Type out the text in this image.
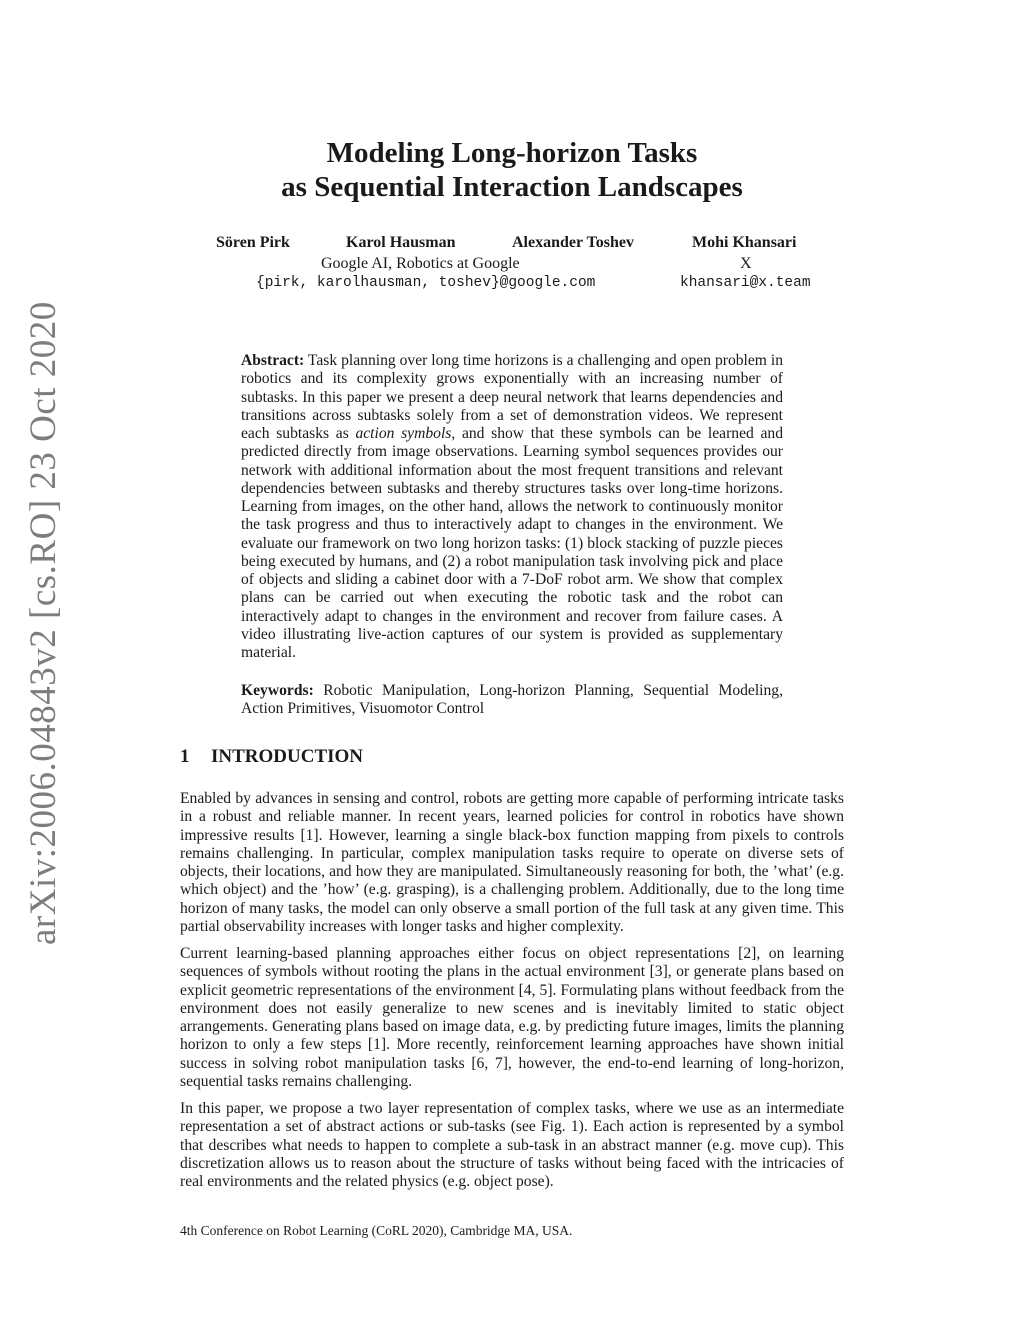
arXiv:2006.04843v2 [cs.RO] 23 Oct 2020
Modeling Long-horizon Tasks
as Sequential Interaction Landscapes
Sören Pirk	Karol Hausman	Alexander Toshev	Mohi Khansari
Google AI, Robotics at Google	X
{pirk, karolhausman, toshev}@google.com	khansari@x.team

Abstract: Task planning over long time horizons is a challenging and open problem in robotics and its complexity grows exponentially with an increasing number of subtasks. In this paper we present a deep neural network that learns dependencies and transitions across subtasks solely from a set of demonstration videos. We represent each subtasks as action symbols, and show that these symbols can be learned and predicted directly from image observations. Learning symbol sequences provides our network with additional information about the most frequent transitions and relevant dependencies between subtasks and thereby structures tasks over long-time horizons. Learning from images, on the other hand, allows the network to continuously monitor the task progress and thus to interactively adapt to changes in the environment. We evaluate our framework on two long horizon tasks: (1) block stacking of puzzle pieces being executed by humans, and (2) a robot manipulation task involving pick and place of objects and sliding a cabinet door with a 7-DoF robot arm. We show that complex plans can be carried out when executing the robotic task and the robot can interactively adapt to changes in the environment and recover from failure cases. A video illustrating live-action captures of our system is provided as supplementary material.

Keywords: Robotic Manipulation, Long-horizon Planning, Sequential Modeling, Action Primitives, Visuomotor Control

1 INTRODUCTION

Enabled by advances in sensing and control, robots are getting more capable of performing intricate tasks in a robust and reliable manner. In recent years, learned policies for control in robotics have shown impressive results [1]. However, learning a single black-box function mapping from pixels to controls remains challenging. In particular, complex manipulation tasks require to operate on diverse sets of objects, their locations, and how they are manipulated. Simultaneously reasoning for both, the ’what’ (e.g. which object) and the ’how’ (e.g. grasping), is a challenging problem. Additionally, due to the long time horizon of many tasks, the model can only observe a small portion of the full task at any given time. This partial observability increases with longer tasks and higher complexity.

Current learning-based planning approaches either focus on object representations [2], on learning sequences of symbols without rooting the plans in the actual environment [3], or generate plans based on explicit geometric representations of the environment [4, 5]. Formulating plans without feedback from the environment does not easily generalize to new scenes and is inevitably limited to static object arrangements. Generating plans based on image data, e.g. by predicting future images, limits the planning horizon to only a few steps [1]. More recently, reinforcement learning approaches have shown initial success in solving robot manipulation tasks [6, 7], however, the end-to-end learning of long-horizon, sequential tasks remains challenging.

In this paper, we propose a two layer representation of complex tasks, where we use as an intermediate representation a set of abstract actions or sub-tasks (see Fig. 1). Each action is represented by a symbol that describes what needs to happen to complete a sub-task in an abstract manner (e.g. move cup). This discretization allows us to reason about the structure of tasks without being faced with the intricacies of real environments and the related physics (e.g. object pose).

4th Conference on Robot Learning (CoRL 2020), Cambridge MA, USA.
